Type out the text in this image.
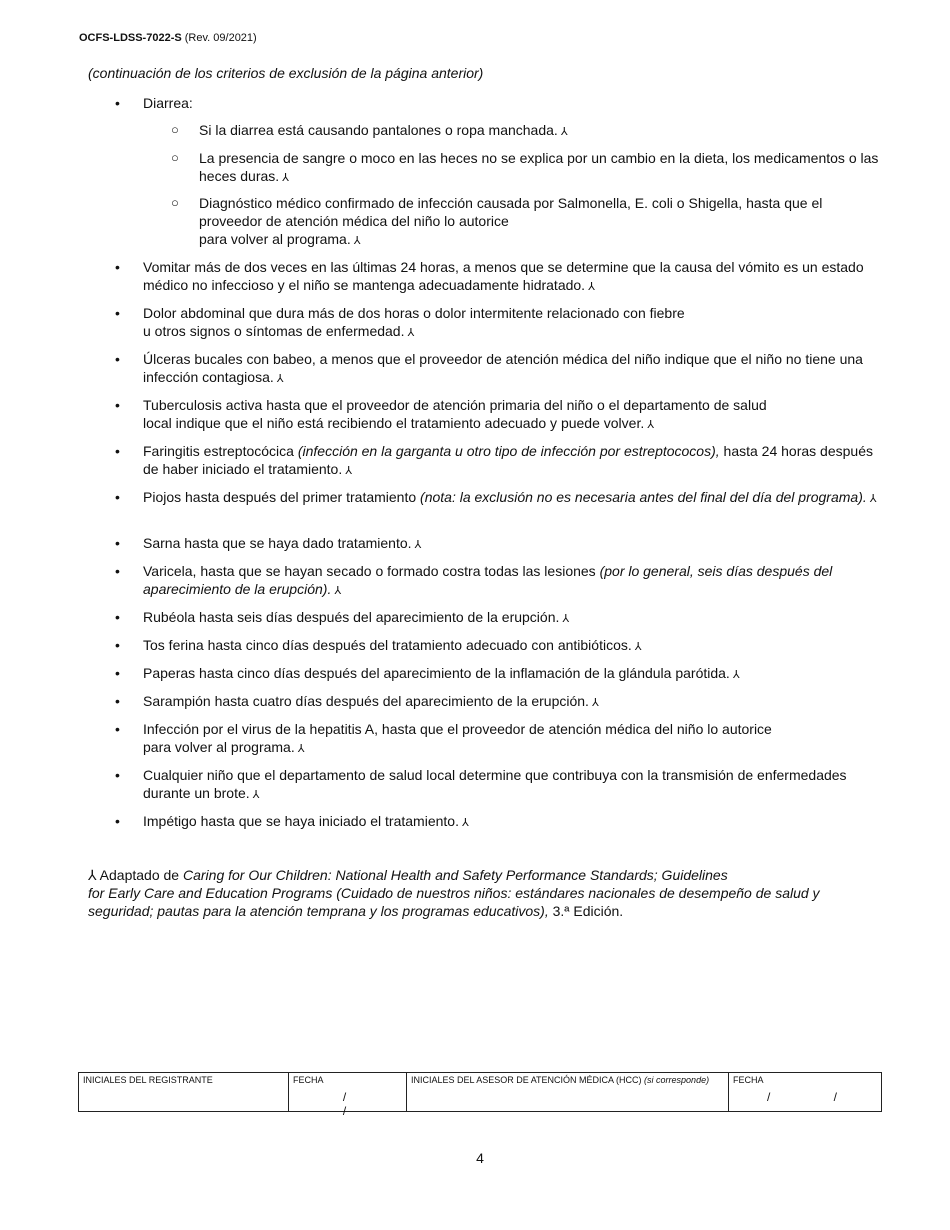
OCFS-LDSS-7022-S (Rev. 09/2021)
(continuación de los criterios de exclusión de la página anterior)
• Diarrea:
○ Si la diarrea está causando pantalones o ropa manchada. ⅄
○ La presencia de sangre o moco en las heces no se explica por un cambio en la dieta, los medicamentos o las heces duras. ⅄
○ Diagnóstico médico confirmado de infección causada por Salmonella, E. coli o Shigella, hasta que el proveedor de atención médica del niño lo autorice
para volver al programa. ⅄
• Vomitar más de dos veces en las últimas 24 horas, a menos que se determine que la causa del vómito es un estado médico no infeccioso y el niño se mantenga adecuadamente hidratado. ⅄
• Dolor abdominal que dura más de dos horas o dolor intermitente relacionado con fiebre
u otros signos o síntomas de enfermedad. ⅄
• Úlceras bucales con babeo, a menos que el proveedor de atención médica del niño indique que el niño no tiene una infección contagiosa. ⅄
• Tuberculosis activa hasta que el proveedor de atención primaria del niño o el departamento de salud
local indique que el niño está recibiendo el tratamiento adecuado y puede volver. ⅄
• Faringitis estreptocócica (infección en la garganta u otro tipo de infección por estreptococos), hasta 24 horas después de haber iniciado el tratamiento. ⅄
• Piojos hasta después del primer tratamiento (nota: la exclusión no es necesaria antes del final del día del programa). ⅄
• Sarna hasta que se haya dado tratamiento. ⅄
• Varicela, hasta que se hayan secado o formado costra todas las lesiones (por lo general, seis días después del aparecimiento de la erupción). ⅄
• Rubéola hasta seis días después del aparecimiento de la erupción. ⅄
• Tos ferina hasta cinco días después del tratamiento adecuado con antibióticos. ⅄
• Paperas hasta cinco días después del aparecimiento de la inflamación de la glándula parótida. ⅄
• Sarampión hasta cuatro días después del aparecimiento de la erupción. ⅄
• Infección por el virus de la hepatitis A, hasta que el proveedor de atención médica del niño lo autorice
para volver al programa. ⅄
• Cualquier niño que el departamento de salud local determine que contribuya con la transmisión de enfermedades durante un brote. ⅄
• Impétigo hasta que se haya iniciado el tratamiento. ⅄
⅄ Adaptado de Caring for Our Children: National Health and Safety Performance Standards; Guidelines
for Early Care and Education Programs (Cuidado de nuestros niños: estándares nacionales de desempeño de salud y seguridad; pautas para la atención temprana y los programas educativos), 3.ª Edición.
INICIALES DEL REGISTRANTE	FECHA
/ /
INICIALES DEL ASESOR DE ATENCIÓN MÉDICA (HCC) (si corresponde)	FECHA
/ /
4
